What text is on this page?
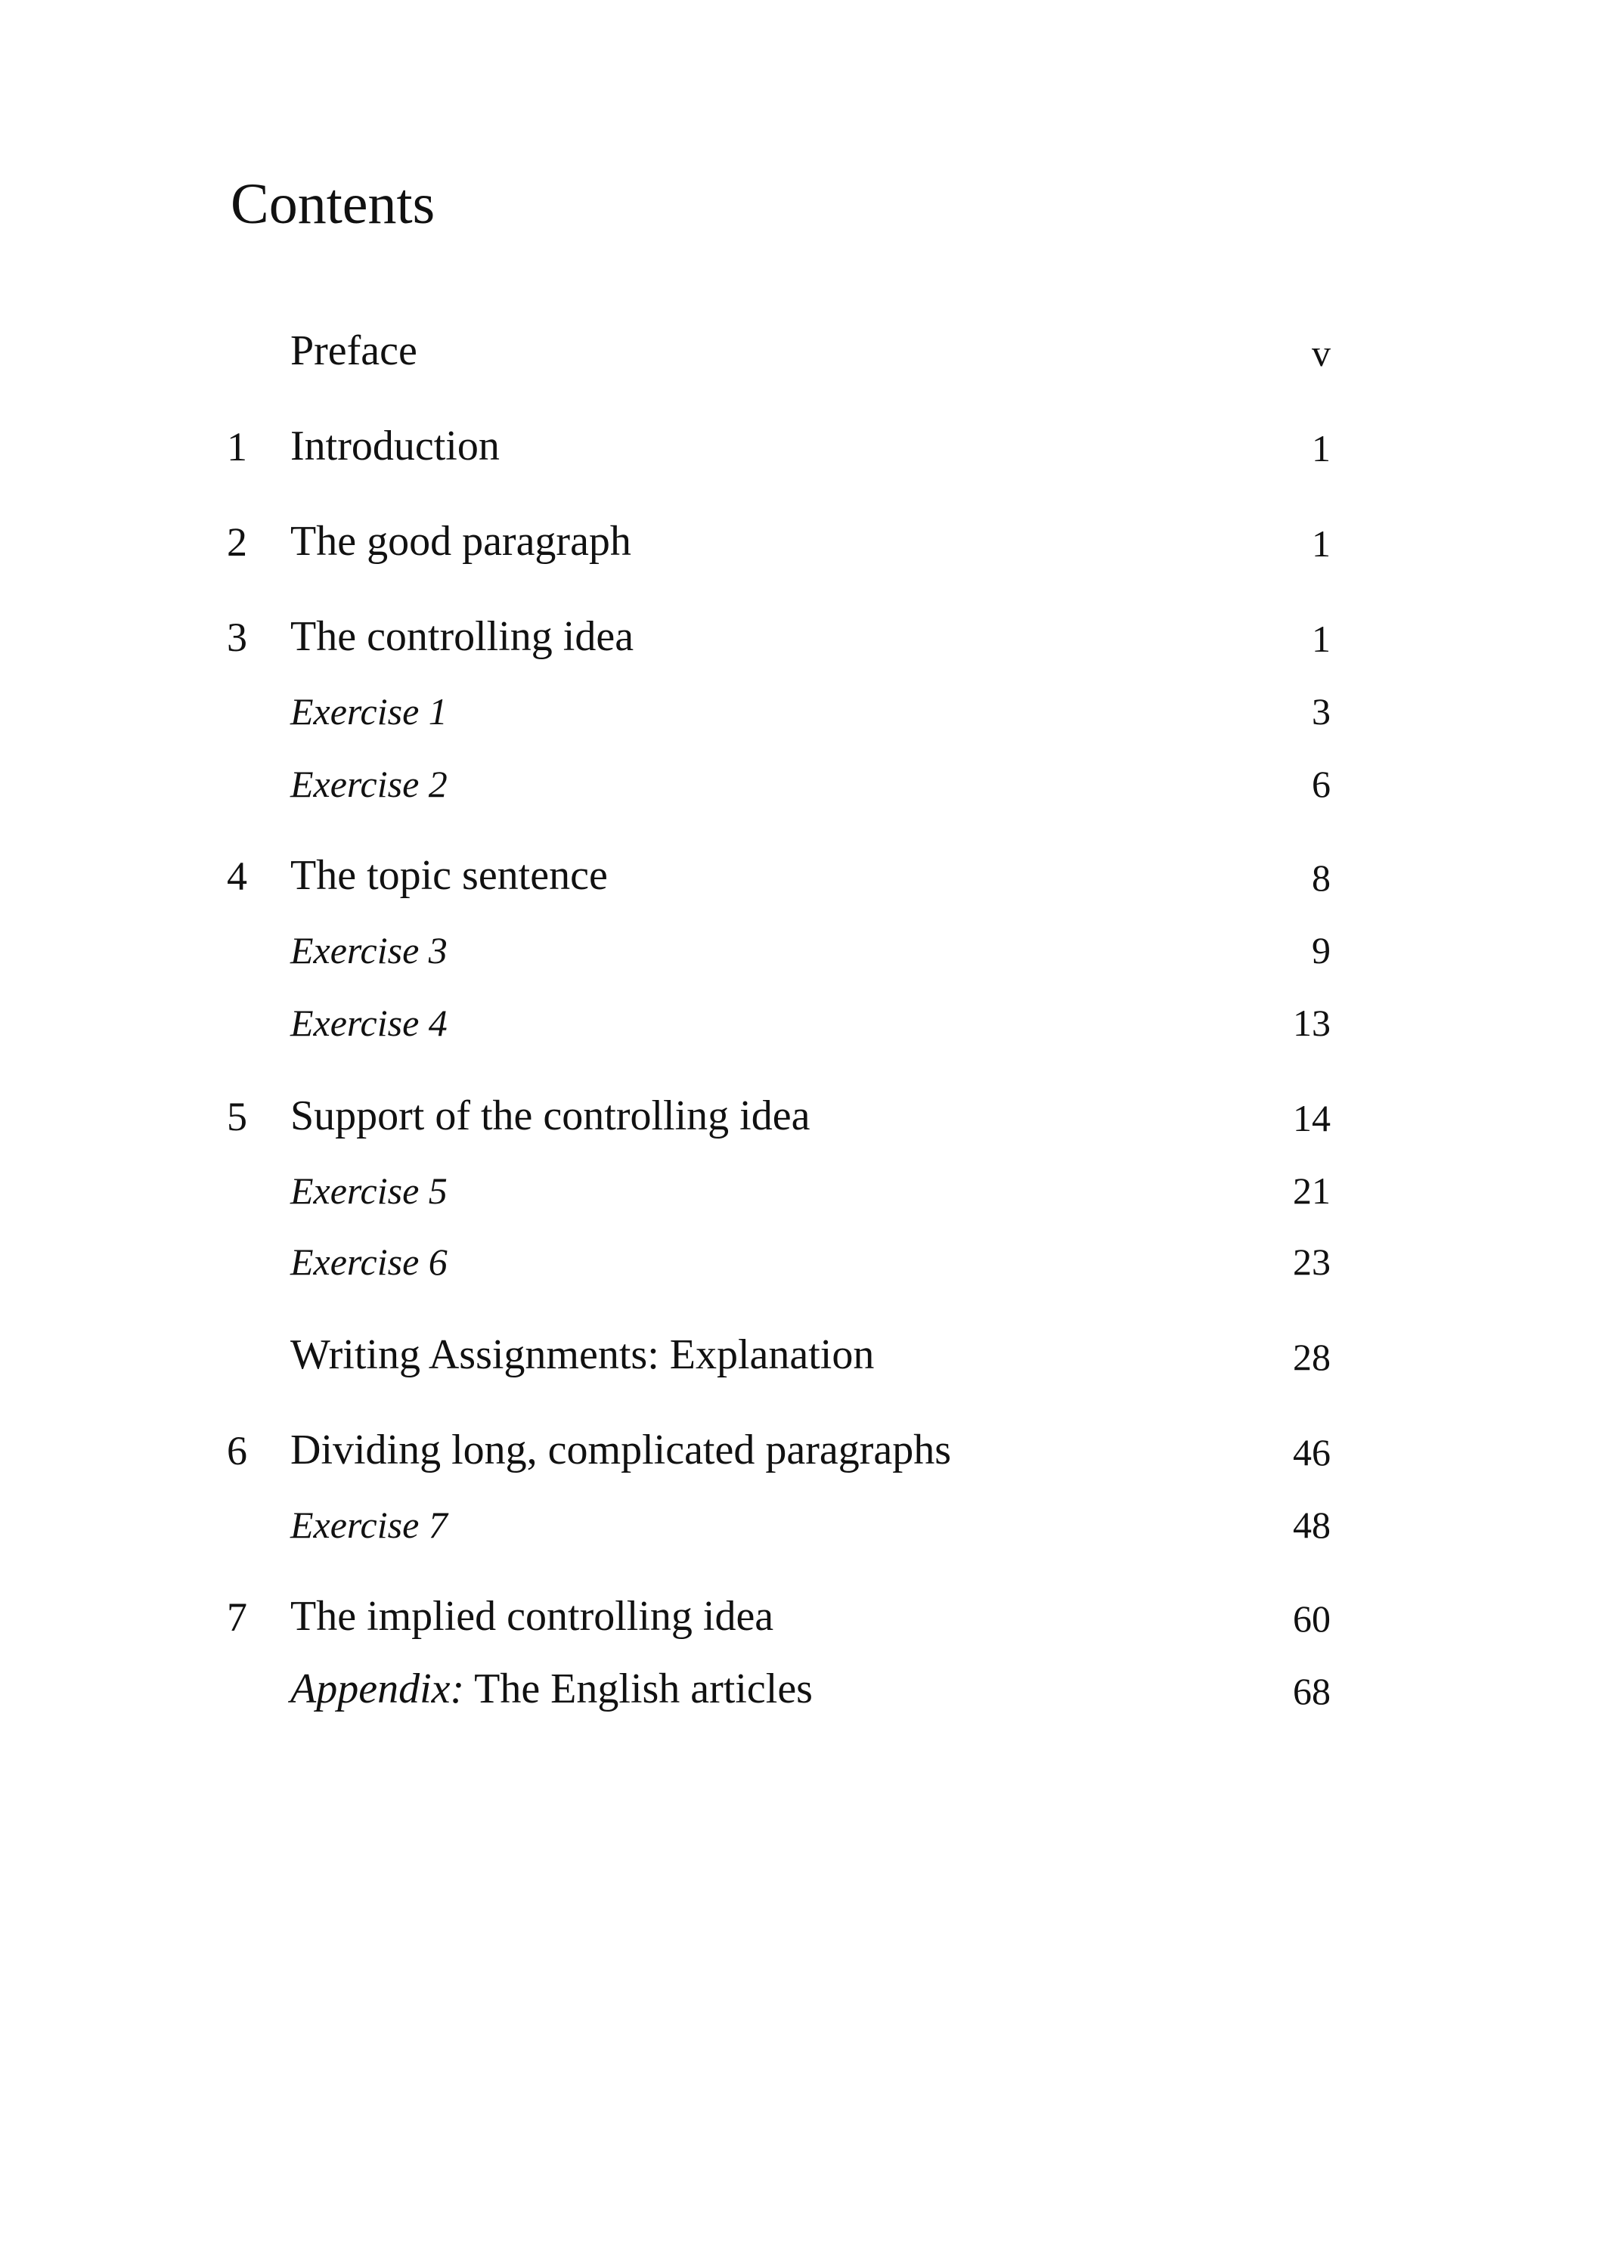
Contents
Preface	v
1	Introduction	1
2	The good paragraph	1
3	The controlling idea	1
Exercise 1	3
Exercise 2	6
4	The topic sentence	8
Exercise 3	9
Exercise 4	13
5	Support of the controlling idea	14
Exercise 5	21
Exercise 6	23
Writing Assignments: Explanation	28
6	Dividing long, complicated paragraphs	46
Exercise 7	48
7	The implied controlling idea	60
Appendix: The English articles	68
